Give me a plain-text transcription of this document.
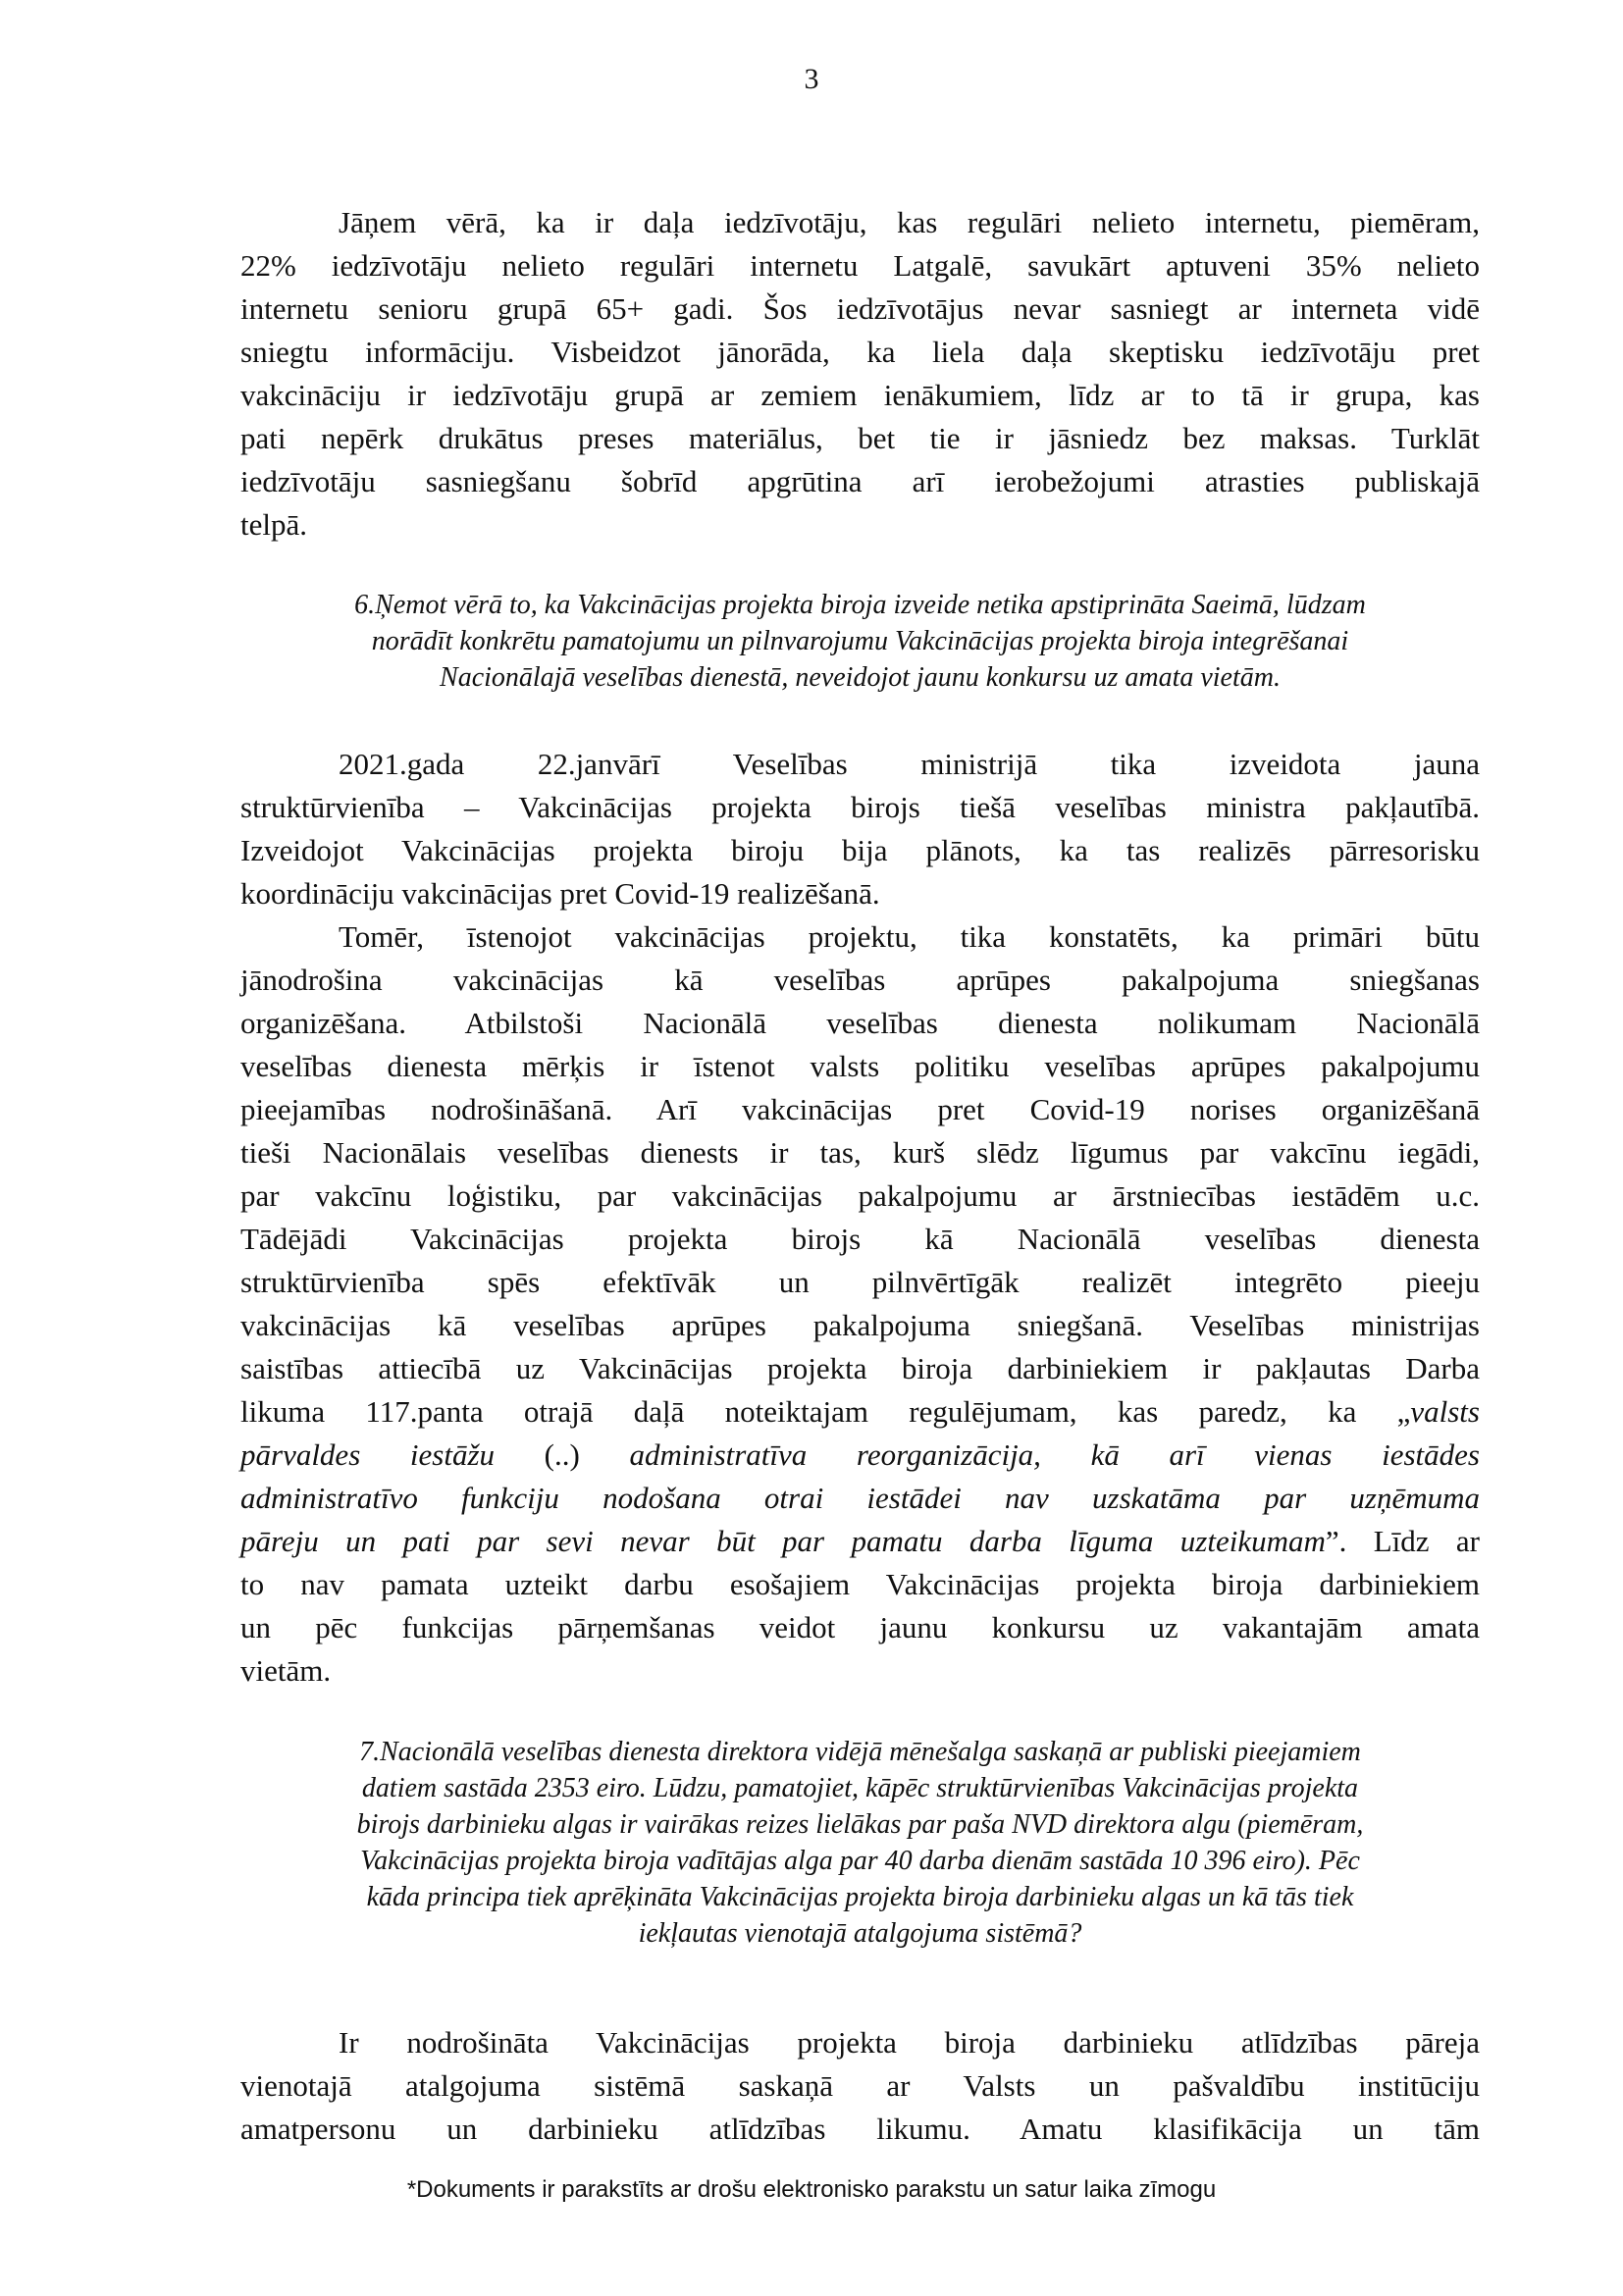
3
Jāņem vērā, ka ir daļa iedzīvotāju, kas regulāri nelieto internetu, piemēram,
22% iedzīvotāju nelieto regulāri internetu Latgalē, savukārt aptuveni 35% nelieto
internetu senioru grupā 65+ gadi. Šos iedzīvotājus nevar sasniegt ar interneta vidē
sniegtu informāciju. Visbeidzot jānorāda, ka liela daļa skeptisku iedzīvotāju pret
vakcināciju ir iedzīvotāju grupā ar zemiem ienākumiem, līdz ar to tā ir grupa, kas
pati nepērk drukātus preses materiālus, bet tie ir jāsniedz bez maksas. Turklāt
iedzīvotāju sasniegšanu šobrīd apgrūtina arī ierobežojumi atrasties publiskajā
telpā.
6.Ņemot vērā to, ka Vakcinācijas projekta biroja izveide netika apstiprināta Saeimā, lūdzam
norādīt konkrētu pamatojumu un pilnvarojumu Vakcinācijas projekta biroja integrēšanai
Nacionālajā veselības dienestā, neveidojot jaunu konkursu uz amata vietām.
2021.gada 22.janvārī Veselības ministrijā tika izveidota jauna
struktūrvienība – Vakcinācijas projekta birojs tiešā veselības ministra pakļautībā.
Izveidojot Vakcinācijas projekta biroju bija plānots, ka tas realizēs pārresorisku
koordināciju vakcinācijas pret Covid-19 realizēšanā.
Tomēr, īstenojot vakcinācijas projektu, tika konstatēts, ka primāri būtu
jānodrošina vakcinācijas kā veselības aprūpes pakalpojuma sniegšanas
organizēšana. Atbilstoši Nacionālā veselības dienesta nolikumam Nacionālā
veselības dienesta mērķis ir īstenot valsts politiku veselības aprūpes pakalpojumu
pieejamības nodrošināšanā. Arī vakcinācijas pret Covid-19 norises organizēšanā
tieši Nacionālais veselības dienests ir tas, kurš slēdz līgumus par vakcīnu iegādi,
par vakcīnu loģistiku, par vakcinācijas pakalpojumu ar ārstniecības iestādēm u.c.
Tādējādi Vakcinācijas projekta birojs kā Nacionālā veselības dienesta
struktūrvienība spēs efektīvāk un pilnvērtīgāk realizēt integrēto pieeju
vakcinācijas kā veselības aprūpes pakalpojuma sniegšanā. Veselības ministrijas
saistības attiecībā uz Vakcinācijas projekta biroja darbiniekiem ir pakļautas Darba
likuma 117.panta otrajā daļā noteiktajam regulējumam, kas paredz, ka „valsts
pārvaldes iestāžu (..) administratīva reorganizācija, kā arī vienas iestādes
administratīvo funkciju nodošana otrai iestādei nav uzskatāma par uzņēmuma
pāreju un pati par sevi nevar būt par pamatu darba līguma uzteikumam”. Līdz ar
to nav pamata uzteikt darbu esošajiem Vakcinācijas projekta biroja darbiniekiem
un pēc funkcijas pārņemšanas veidot jaunu konkursu uz vakantajām amata
vietām.
7.Nacionālā veselības dienesta direktora vidējā mēnešalga saskaņā ar publiski pieejamiem
datiem sastāda 2353 eiro. Lūdzu, pamatojiet, kāpēc struktūrvienības Vakcinācijas projekta
birojs darbinieku algas ir vairākas reizes lielākas par paša NVD direktora algu (piemēram,
Vakcinācijas projekta biroja vadītājas alga par 40 darba dienām sastāda 10 396 eiro). Pēc
kāda principa tiek aprēķināta Vakcinācijas projekta biroja darbinieku algas un kā tās tiek
iekļautas vienotajā atalgojuma sistēmā?
Ir nodrošināta Vakcinācijas projekta biroja darbinieku atlīdzības pāreja
vienotajā atalgojuma sistēmā saskaņā ar Valsts un pašvaldību institūciju
amatpersonu un darbinieku atlīdzības likumu. Amatu klasifikācija un tām
*Dokuments ir parakstīts ar drošu elektronisko parakstu un satur laika zīmogu
